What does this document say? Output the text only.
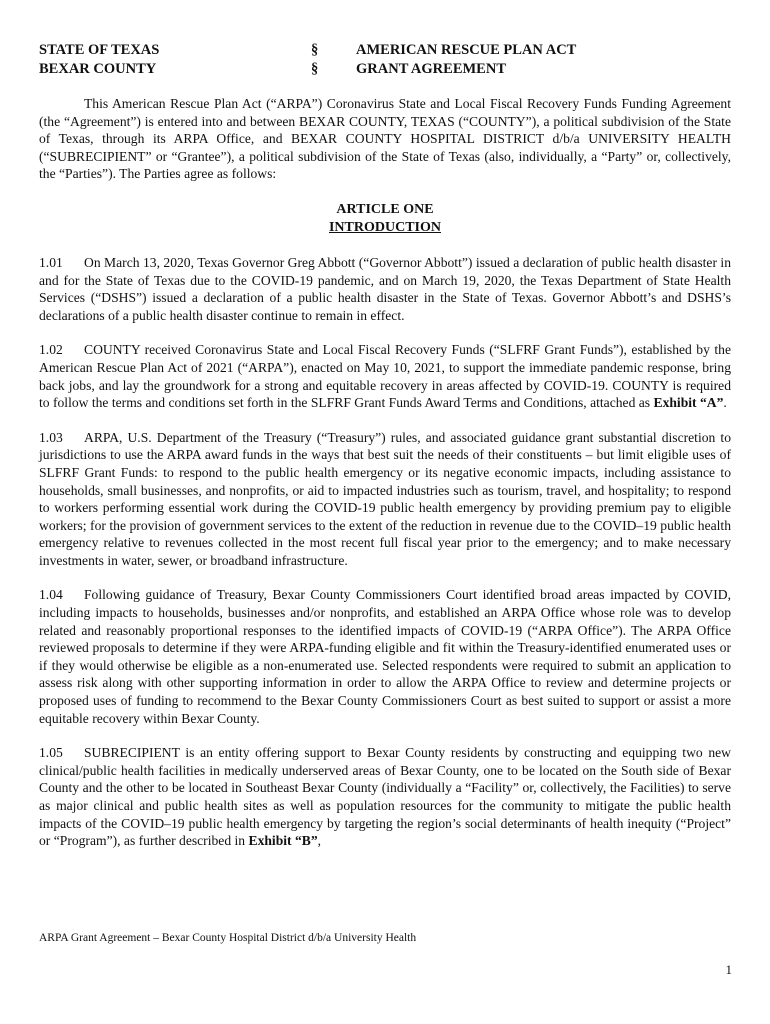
STATE OF TEXAS
BEXAR COUNTY
§
§
AMERICAN RESCUE PLAN ACT
GRANT AGREEMENT

This American Rescue Plan Act (“ARPA”) Coronavirus State and Local Fiscal Recovery Funds Funding Agreement (the “Agreement”) is entered into and between BEXAR COUNTY, TEXAS (“COUNTY”), a political subdivision of the State of Texas, through its ARPA Office, and BEXAR COUNTY HOSPITAL DISTRICT d/b/a UNIVERSITY HEALTH (“SUBRECIPIENT” or “Grantee”), a political subdivision of the State of Texas (also, individually, a “Party” or, collectively, the “Parties”). The Parties agree as follows:

ARTICLE ONE
INTRODUCTION

1.01 On March 13, 2020, Texas Governor Greg Abbott (“Governor Abbott”) issued a declaration of public health disaster in and for the State of Texas due to the COVID-19 pandemic, and on March 19, 2020, the Texas Department of State Health Services (“DSHS”) issued a declaration of a public health disaster in the State of Texas. Governor Abbott’s and DSHS’s declarations of a public health disaster continue to remain in effect.

1.02 COUNTY received Coronavirus State and Local Fiscal Recovery Funds (“SLFRF Grant Funds”), established by the American Rescue Plan Act of 2021 (“ARPA”), enacted on May 10, 2021, to support the immediate pandemic response, bring back jobs, and lay the groundwork for a strong and equitable recovery in areas affected by COVID-19. COUNTY is required to follow the terms and conditions set forth in the SLFRF Grant Funds Award Terms and Conditions, attached as Exhibit “A”.

1.03 ARPA, U.S. Department of the Treasury (“Treasury”) rules, and associated guidance grant substantial discretion to jurisdictions to use the ARPA award funds in the ways that best suit the needs of their constituents – but limit eligible uses of SLFRF Grant Funds: to respond to the public health emergency or its negative economic impacts, including assistance to households, small businesses, and nonprofits, or aid to impacted industries such as tourism, travel, and hospitality; to respond to workers performing essential work during the COVID-19 public health emergency by providing premium pay to eligible workers; for the provision of government services to the extent of the reduction in revenue due to the COVID–19 public health emergency relative to revenues collected in the most recent full fiscal year prior to the emergency; and to make necessary investments in water, sewer, or broadband infrastructure.

1.04 Following guidance of Treasury, Bexar County Commissioners Court identified broad areas impacted by COVID, including impacts to households, businesses and/or nonprofits, and established an ARPA Office whose role was to develop related and reasonably proportional responses to the identified impacts of COVID-19 (“ARPA Office”). The ARPA Office reviewed proposals to determine if they were ARPA-funding eligible and fit within the Treasury-identified enumerated uses or if they would otherwise be eligible as a non-enumerated use. Selected respondents were required to submit an application to assess risk along with other supporting information in order to allow the ARPA Office to review and determine projects or proposed uses of funding to recommend to the Bexar County Commissioners Court as best suited to support or assist a more equitable recovery within Bexar County.

1.05 SUBRECIPIENT is an entity offering support to Bexar County residents by constructing and equipping two new clinical/public health facilities in medically underserved areas of Bexar County, one to be located on the South side of Bexar County and the other to be located in Southeast Bexar County (individually a “Facility” or, collectively, the Facilities) to serve as major clinical and public health sites as well as population resources for the community to mitigate the public health impacts of the COVID–19 public health emergency by targeting the region’s social determinants of health inequity (“Project” or “Program”), as further described in Exhibit “B”,

ARPA Grant Agreement – Bexar County Hospital District d/b/a University Health
1
